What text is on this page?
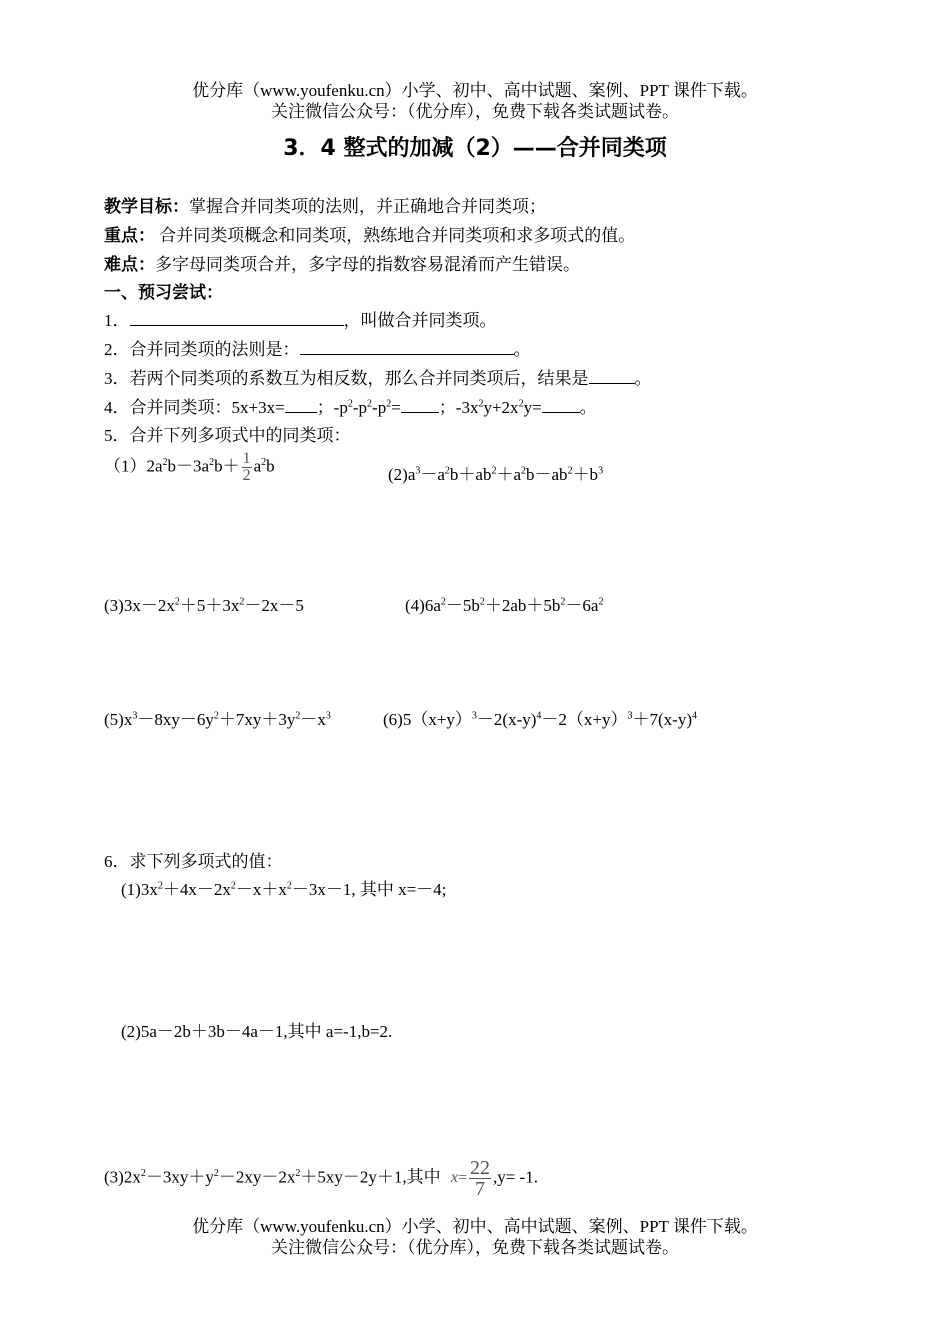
优分库（www.youfenku.cn）小学、初中、高中试题、案例、PPT 课件下载。
关注微信公众号：（优分库），免费下载各类试题试卷。
3．4 整式的加减（2）——合并同类项
教学目标：掌握合并同类项的法则，并正确地合并同类项；
重点： 合并同类项概念和同类项，熟练地合并同类项和求多项式的值。
难点：多字母同类项合并，多字母的指数容易混淆而产生错误。
一、预习尝试：
1．	，叫做合并同类项。
2．合并同类项的法则是：	。
3．若两个同类项的系数互为相反数，那么合并同类项后，结果是	。
4．合并同类项：5x+3x= ；$-p^2-p^2-p^2=$ ；$-3x^2y+2x^2y=$ 。
5．合并下列多项式中的同类项：
$(1)2a^2b-3a^2b+ \frac{1}{2} a^2b$	$(2)a^3-a^2b+ab^2+a^2b-ab^2+b^3$
$(3)3x-2x^2+5+3x^2-2x-5$	$(4)6a^2-5b^2+2ab+5b^2-6a^2$
$(5)x^3-8xy-6y^2+7xy+3y^2-x^3$	$(6)5(x+y)^3-2(x-y)^4-2(x+y)^3+7(x-y)^4$
6．求下列多项式的值：
$(1)3x^2+4x-2x^2-x+x^2-3x-1$, 其中 x=－4;
(2)5a－2b＋3b－4a－1,其中 a=-1,b=2.
$(3)2x^2-3xy+y^2-2xy-2x^2+5xy-2y+1$,其中 $x= \frac{22}{7} ,y= -1$.
优分库（www.youfenku.cn）小学、初中、高中试题、案例、PPT 课件下载。
关注微信公众号：（优分库），免费下载各类试题试卷。
